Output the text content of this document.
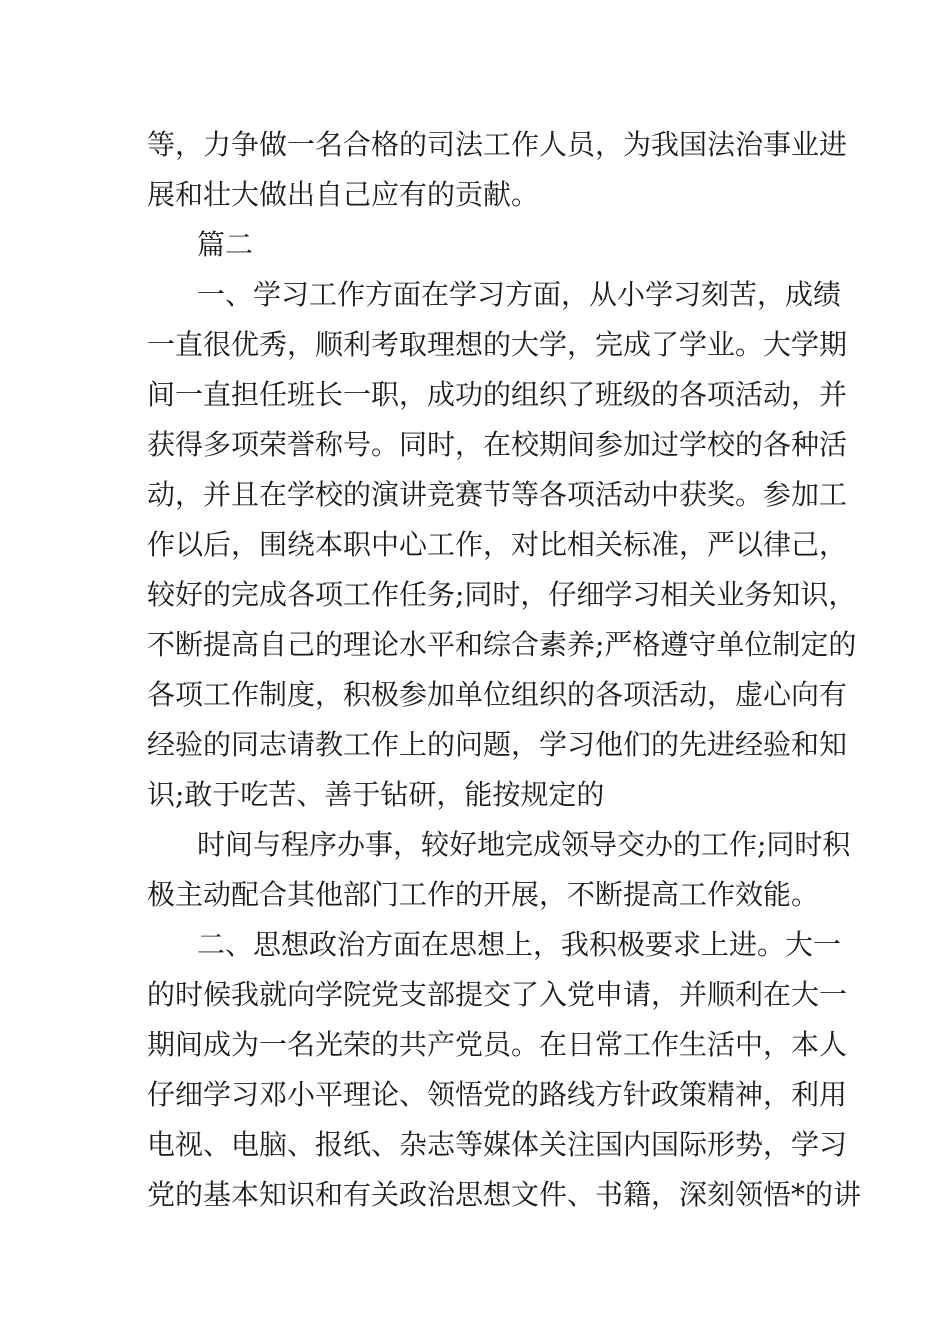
等，力争做一名合格的司法工作人员，为我国法治事业进
展和壮大做出自己应有的贡献。
篇二
一、学习工作方面在学习方面，从小学习刻苦，成绩
一直很优秀，顺利考取理想的大学，完成了学业。大学期
间一直担任班长一职，成功的组织了班级的各项活动，并
获得多项荣誉称号。同时，在校期间参加过学校的各种活
动，并且在学校的演讲竞赛节等各项活动中获奖。参加工
作以后，围绕本职中心工作，对比相关标准，严以律己，
较好的完成各项工作任务;同时，仔细学习相关业务知识，
不断提高自己的理论水平和综合素养;严格遵守单位制定的
各项工作制度，积极参加单位组织的各项活动，虚心向有
经验的同志请教工作上的问题，学习他们的先进经验和知
识;敢于吃苦、善于钻研，能按规定的
时间与程序办事，较好地完成领导交办的工作;同时积
极主动配合其他部门工作的开展，不断提高工作效能。
二、思想政治方面在思想上，我积极要求上进。大一
的时候我就向学院党支部提交了入党申请，并顺利在大一
期间成为一名光荣的共产党员。在日常工作生活中，本人
仔细学习邓小平理论、领悟党的路线方针政策精神，利用
电视、电脑、报纸、杂志等媒体关注国内国际形势，学习
党的基本知识和有关政治思想文件、书籍，深刻领悟*的讲
